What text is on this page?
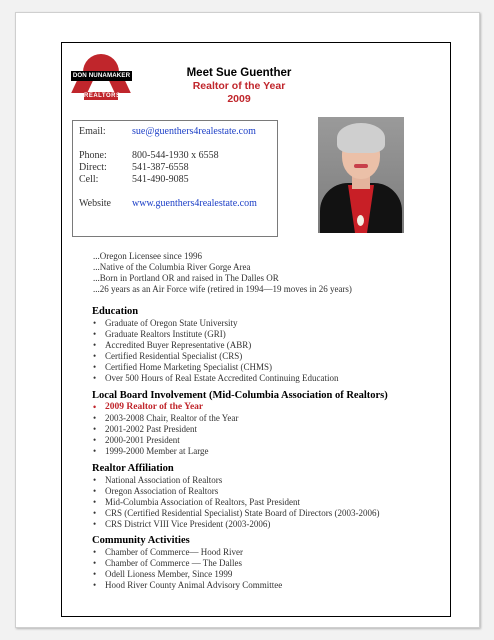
DON NUNAMAKER
REALTORS
Meet Sue Guenther
Realtor of the Year
2009
Email:	sue@guenthers4realestate.com
Phone:	800-544-1930 x 6558
Direct:	541-387-6558
Cell:	541-490-9085
Website www.guenthers4realestate.com
...Oregon Licensee since 1996
...Native of the Columbia River Gorge Area
...Born in Portland OR and raised in The Dalles OR
...26 years as an Air Force wife (retired in 1994—19 moves in 26 years)
Education
• Graduate of Oregon State University
• Graduate Realtors Institute (GRI)
• Accredited Buyer Representative (ABR)
• Certified Residential Specialist (CRS)
• Certified Home Marketing Specialist (CHMS)
• Over 500 Hours of Real Estate Accredited Continuing Education
Local Board Involvement (Mid-Columbia Association of Realtors)
• 2009 Realtor of the Year
• 2003-2008 Chair, Realtor of the Year
• 2001-2002 Past President
• 2000-2001 President
• 1999-2000 Member at Large
Realtor Affiliation
• National Association of Realtors
• Oregon Association of Realtors
• Mid-Columbia Association of Realtors, Past President
• CRS (Certified Residential Specialist) State Board of Directors (2003-2006)
• CRS District VIII Vice President (2003-2006)
Community Activities
• Chamber of Commerce— Hood River
• Chamber of Commerce — The Dalles
• Odell Lioness Member, Since 1999
• Hood River County Animal Advisory Committee
